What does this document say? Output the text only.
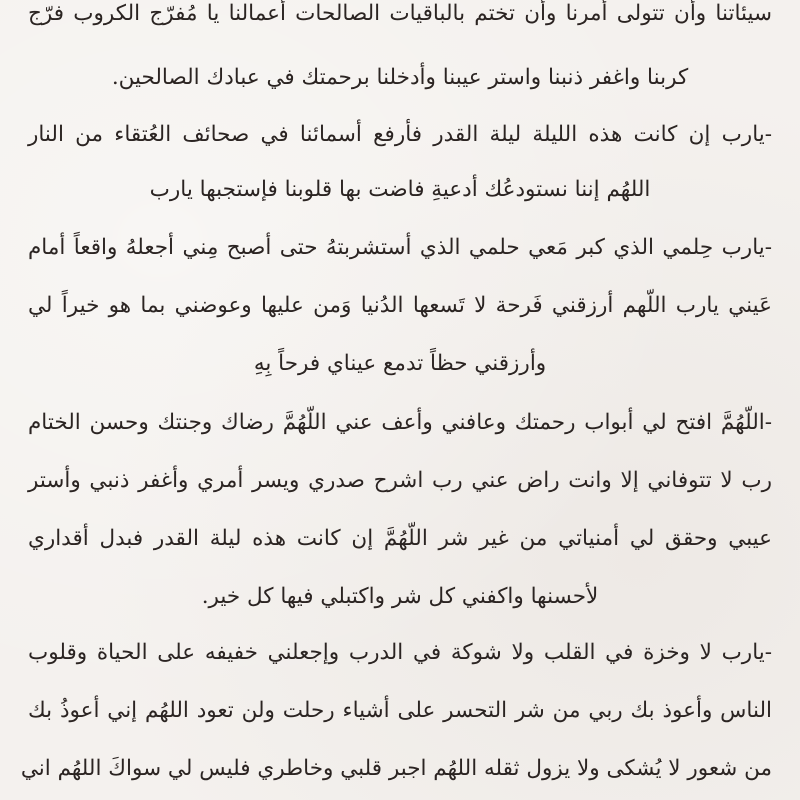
سيئاتنا وأن تتولى أمرنا وأن تختم بالباقيات الصالحات أعمالنا يا مُفرّج الكروب فرّج
كربنا واغفر ذنبنا واستر عيبنا وأدخلنا برحمتك في عبادك الصالحين.
-يارب إن كانت هذه الليلة ليلة القدر فأرفع أسمائنا في صحائف العُتقاء من النار
اللهُم إننا نستودعُك أدعيةِ فاضت بها قلوبنا فإستجبها يارب
-يارب حِلمي الذي كبر مَعي حلمي الذي أستشربتهُ حتى أصبح مِني أجعلهُ واقعاً أمام
عَيني يارب اللّهم أرزقني فَرحة لا تَسعها الدُنيا وَمن عليها وعوضني بما هو خيراً لي
وأرزقني حظاً تدمع عيناي فرحاً بِهِ
-اللّهُمَّ افتح لي أبواب رحمتك وعافني وأعف عني اللّهُمَّ رضاك وجنتك وحسن الختام
رب لا تتوفاني إلا وانت راض عني رب اشرح صدري ويسر أمري وأغفر ذنبي وأستر
عيبي وحقق لي أمنياتي من غير شر اللّهُمَّ إن كانت هذه ليلة القدر فبدل أقداري
لأحسنها واكفني كل شر واكتبلي فيها كل خير.
-يارب لا وخزة في القلب ولا شوكة في الدرب وإجعلني خفيفه على الحياة وقلوب
الناس وأعوذ بك ربي من شر التحسر على أشياء رحلت ولن تعود اللهُم إني أعوذُ بك
من شعور لا يُشكى ولا يزول ثقله اللهُم اجبر قلبي وخاطري فليس لي سواكَ اللهُم اني
